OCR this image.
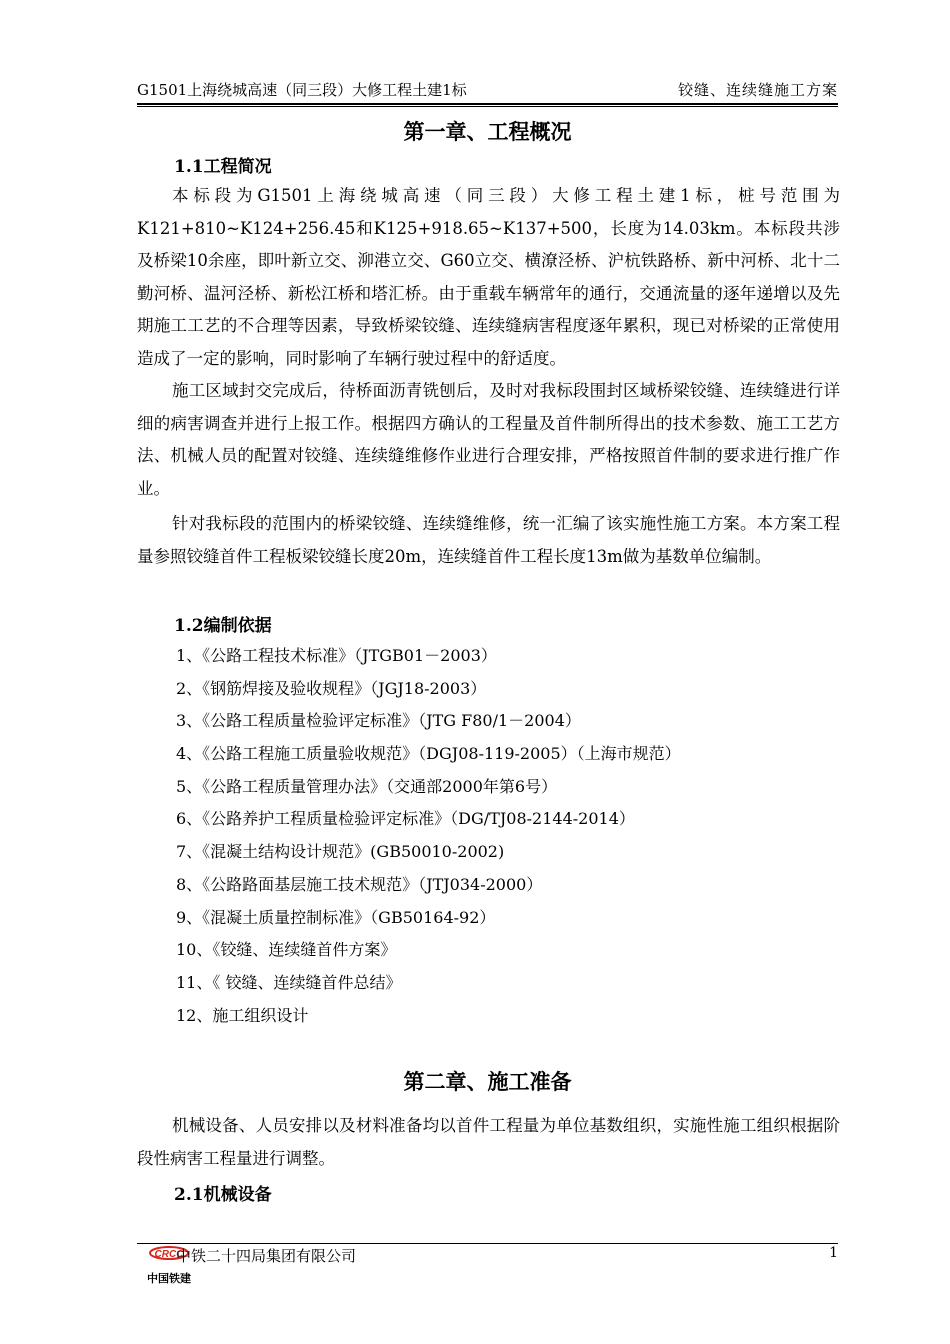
G1501上海绕城高速（同三段）大修工程土建1标	铰缝、连续缝施工方案
第一章、工程概况
1.1工程简况

本标段为G1501上海绕城高速（同三段）大修工程土建1标，桩号范围为K121+810~K124+256.45和K125+918.65~K137+500，长度为14.03km。本标段共涉及桥梁10余座，即叶新立交、泖港立交、G60立交、横潦泾桥、沪杭铁路桥、新中河桥、北十二勤河桥、温河泾桥、新松江桥和塔汇桥。由于重载车辆常年的通行，交通流量的逐年递增以及先期施工工艺的不合理等因素，导致桥梁铰缝、连续缝病害程度逐年累积，现已对桥梁的正常使用造成了一定的影响，同时影响了车辆行驶过程中的舒适度。

施工区域封交完成后，待桥面沥青铣刨后，及时对我标段围封区域桥梁铰缝、连续缝进行详细的病害调查并进行上报工作。根据四方确认的工程量及首件制所得出的技术参数、施工工艺方法、机械人员的配置对铰缝、连续缝维修作业进行合理安排，严格按照首件制的要求进行推广作业。

针对我标段的范围内的桥梁铰缝、连续缝维修，统一汇编了该实施性施工方案。本方案工程量参照铰缝首件工程板梁铰缝长度20m，连续缝首件工程长度13m做为基数单位编制。

1.2编制依据
1、《公路工程技术标准》（JTGB01－2003）
2、《钢筋焊接及验收规程》（JGJ18-2003）
3、《公路工程质量检验评定标准》（JTG F80/1－2004）
4、《公路工程施工质量验收规范》（DGJ08-119-2005）（上海市规范）
5、《公路工程质量管理办法》（交通部2000年第6号）
6、《公路养护工程质量检验评定标准》（DG/TJ08-2144-2014）
7、《混凝土结构设计规范》(GB50010-2002)
8、《公路路面基层施工技术规范》（JTJ034-2000）
9、《混凝土质量控制标准》（GB50164-92）
10、《铰缝、连续缝首件方案》
11、《 铰缝、连续缝首件总结》
12、施工组织设计
第二章、施工准备

机械设备、人员安排以及材料准备均以首件工程量为单位基数组织，实施性施工组织根据阶段性病害工程量进行调整。

2.1机械设备
CRCC
中铁二十四局集团有限公司	1
中国铁建
